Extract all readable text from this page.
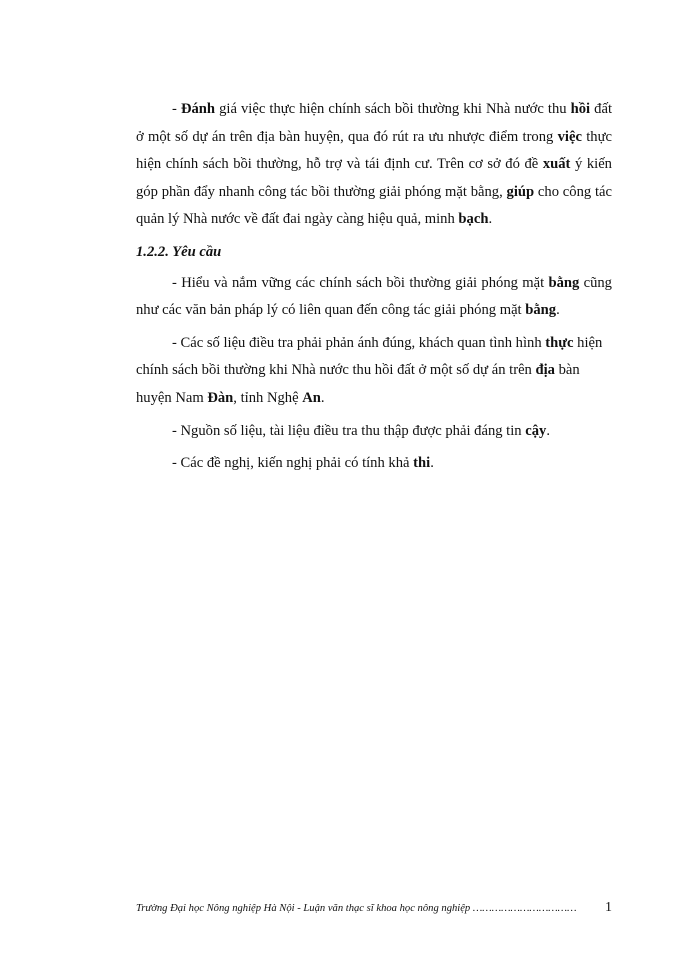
- Đánh giá việc thực hiện chính sách bồi thường khi Nhà nước thu hồi đất ở một số dự án trên địa bàn huyện, qua đó rút ra ưu nhược điểm trong việc thực hiện chính sách bồi thường, hỗ trợ và tái định cư. Trên cơ sở đó đề xuất ý kiến góp phần đẩy nhanh công tác bồi thường giải phóng mặt bằng, giúp cho công tác quản lý Nhà nước về đất đai ngày càng hiệu quả, minh bạch.

1.2.2. Yêu cầu

- Hiểu và nắm vững các chính sách bồi thường giải phóng mặt bằng cũng như các văn bản pháp lý có liên quan đến công tác giải phóng mặt bằng.

- Các số liệu điều tra phải phản ánh đúng, khách quan tình hình thực hiện chính sách bồi thường khi Nhà nước thu hồi đất ở một số dự án trên địa bàn huyện Nam Đàn, tỉnh Nghệ An.

- Nguồn số liệu, tài liệu điều tra thu thập được phải đáng tin cậy.

- Các đề nghị, kiến nghị phải có tính khả thi.

Trường Đại học Nông nghiệp Hà Nội - Luận văn thạc sĩ khoa học nông nghiệp …………………………… 1
